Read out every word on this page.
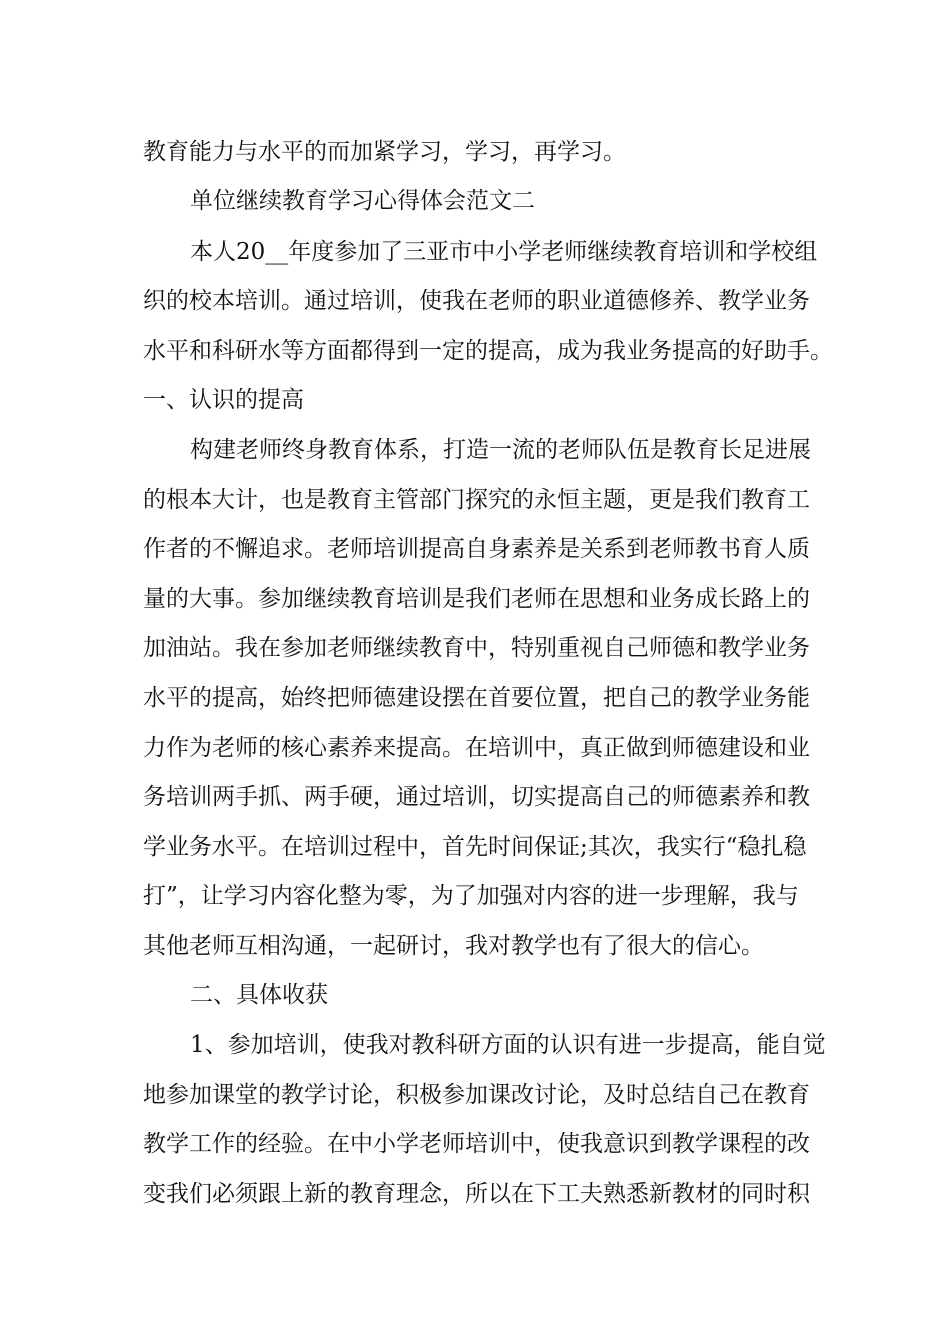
教育能力与水平的而加紧学习，学习，再学习。
单位继续教育学习心得体会范文二
本人20__年度参加了三亚市中小学老师继续教育培训和学校组
织的校本培训。通过培训，使我在老师的职业道德修养、教学业务
水平和科研水等方面都得到一定的提高，成为我业务提高的好助手。
一、认识的提高
构建老师终身教育体系，打造一流的老师队伍是教育长足进展
的根本大计，也是教育主管部门探究的永恒主题，更是我们教育工
作者的不懈追求。老师培训提高自身素养是关系到老师教书育人质
量的大事。参加继续教育培训是我们老师在思想和业务成长路上的
加油站。我在参加老师继续教育中，特别重视自己师德和教学业务
水平的提高，始终把师德建设摆在首要位置，把自己的教学业务能
力作为老师的核心素养来提高。在培训中，真正做到师德建设和业
务培训两手抓、两手硬，通过培训，切实提高自己的师德素养和教
学业务水平。在培训过程中，首先时间保证;其次，我实行“稳扎稳
打”，让学习内容化整为零，为了加强对内容的进一步理解，我与
其他老师互相沟通，一起研讨，我对教学也有了很大的信心。
二、具体收获
1、参加培训，使我对教科研方面的认识有进一步提高，能自觉
地参加课堂的教学讨论，积极参加课改讨论，及时总结自己在教育
教学工作的经验。在中小学老师培训中，使我意识到教学课程的改
变我们必须跟上新的教育理念，所以在下工夫熟悉新教材的同时积
